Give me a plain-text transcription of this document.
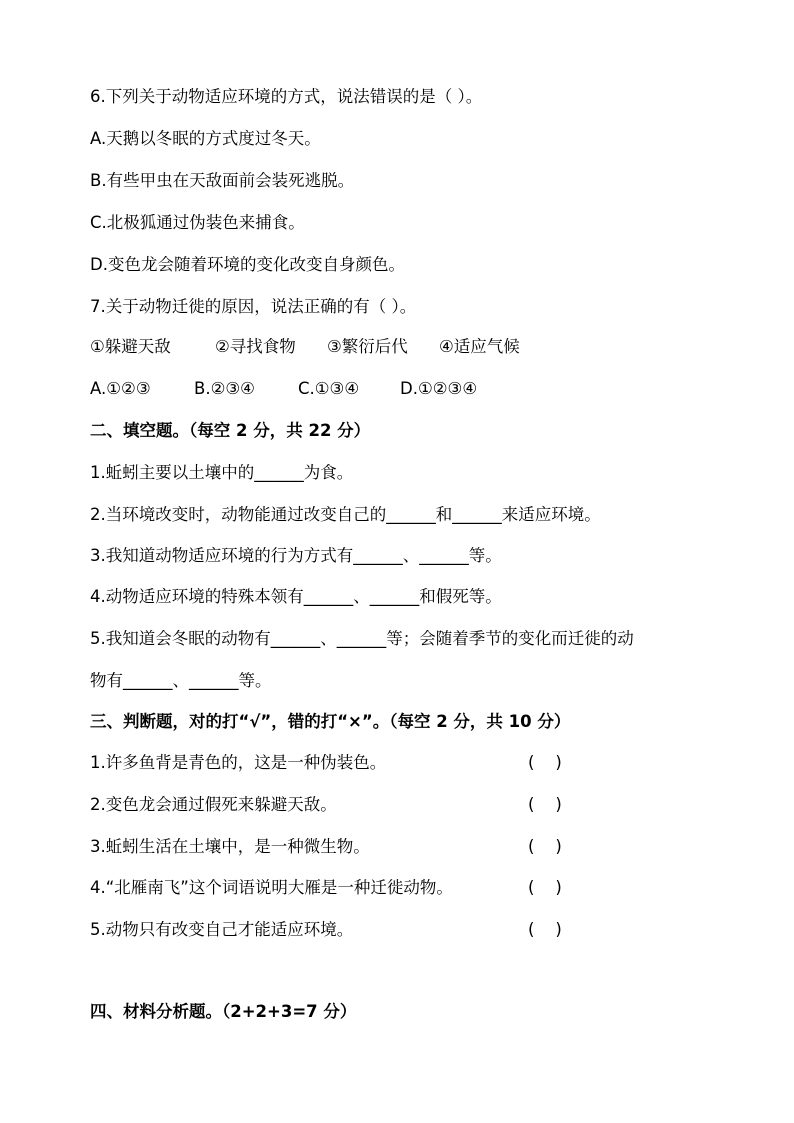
6.下列关于动物适应环境的方式，说法错误的是（ ）。
A.天鹅以冬眠的方式度过冬天。
B.有些甲虫在天敌面前会装死逃脱。
C.北极狐通过伪装色来捕食。
D.变色龙会随着环境的变化改变自身颜色。
7.关于动物迁徙的原因，说法正确的有（ ）。
①躲避天敌	②寻找食物 ③繁衍后代 ④适应气候
A.①②③	B.②③④	C.①③④ D.①②③④
二、填空题。（每空 2 分，共 22 分）
1.蚯蚓主要以土壤中的______为食。
2.当环境改变时，动物能通过改变自己的______和______来适应环境。
3.我知道动物适应环境的行为方式有______、______等。
4.动物适应环境的特殊本领有______、______和假死等。
5.我知道会冬眠的动物有______、______等；会随着季节的变化而迁徙的动
物有______、______等。
三、判断题，对的打“√”，错的打“×”。（每空 2 分，共 10 分）
1.许多鱼背是青色的，这是一种伪装色。	(    )
2.变色龙会通过假死来躲避天敌。	(    )
3.蚯蚓生活在土壤中，是一种微生物。	(    )
4.“北雁南飞”这个词语说明大雁是一种迁徙动物。	(    )
5.动物只有改变自己才能适应环境。	(    )
四、材料分析题。（2+2+3=7 分）
